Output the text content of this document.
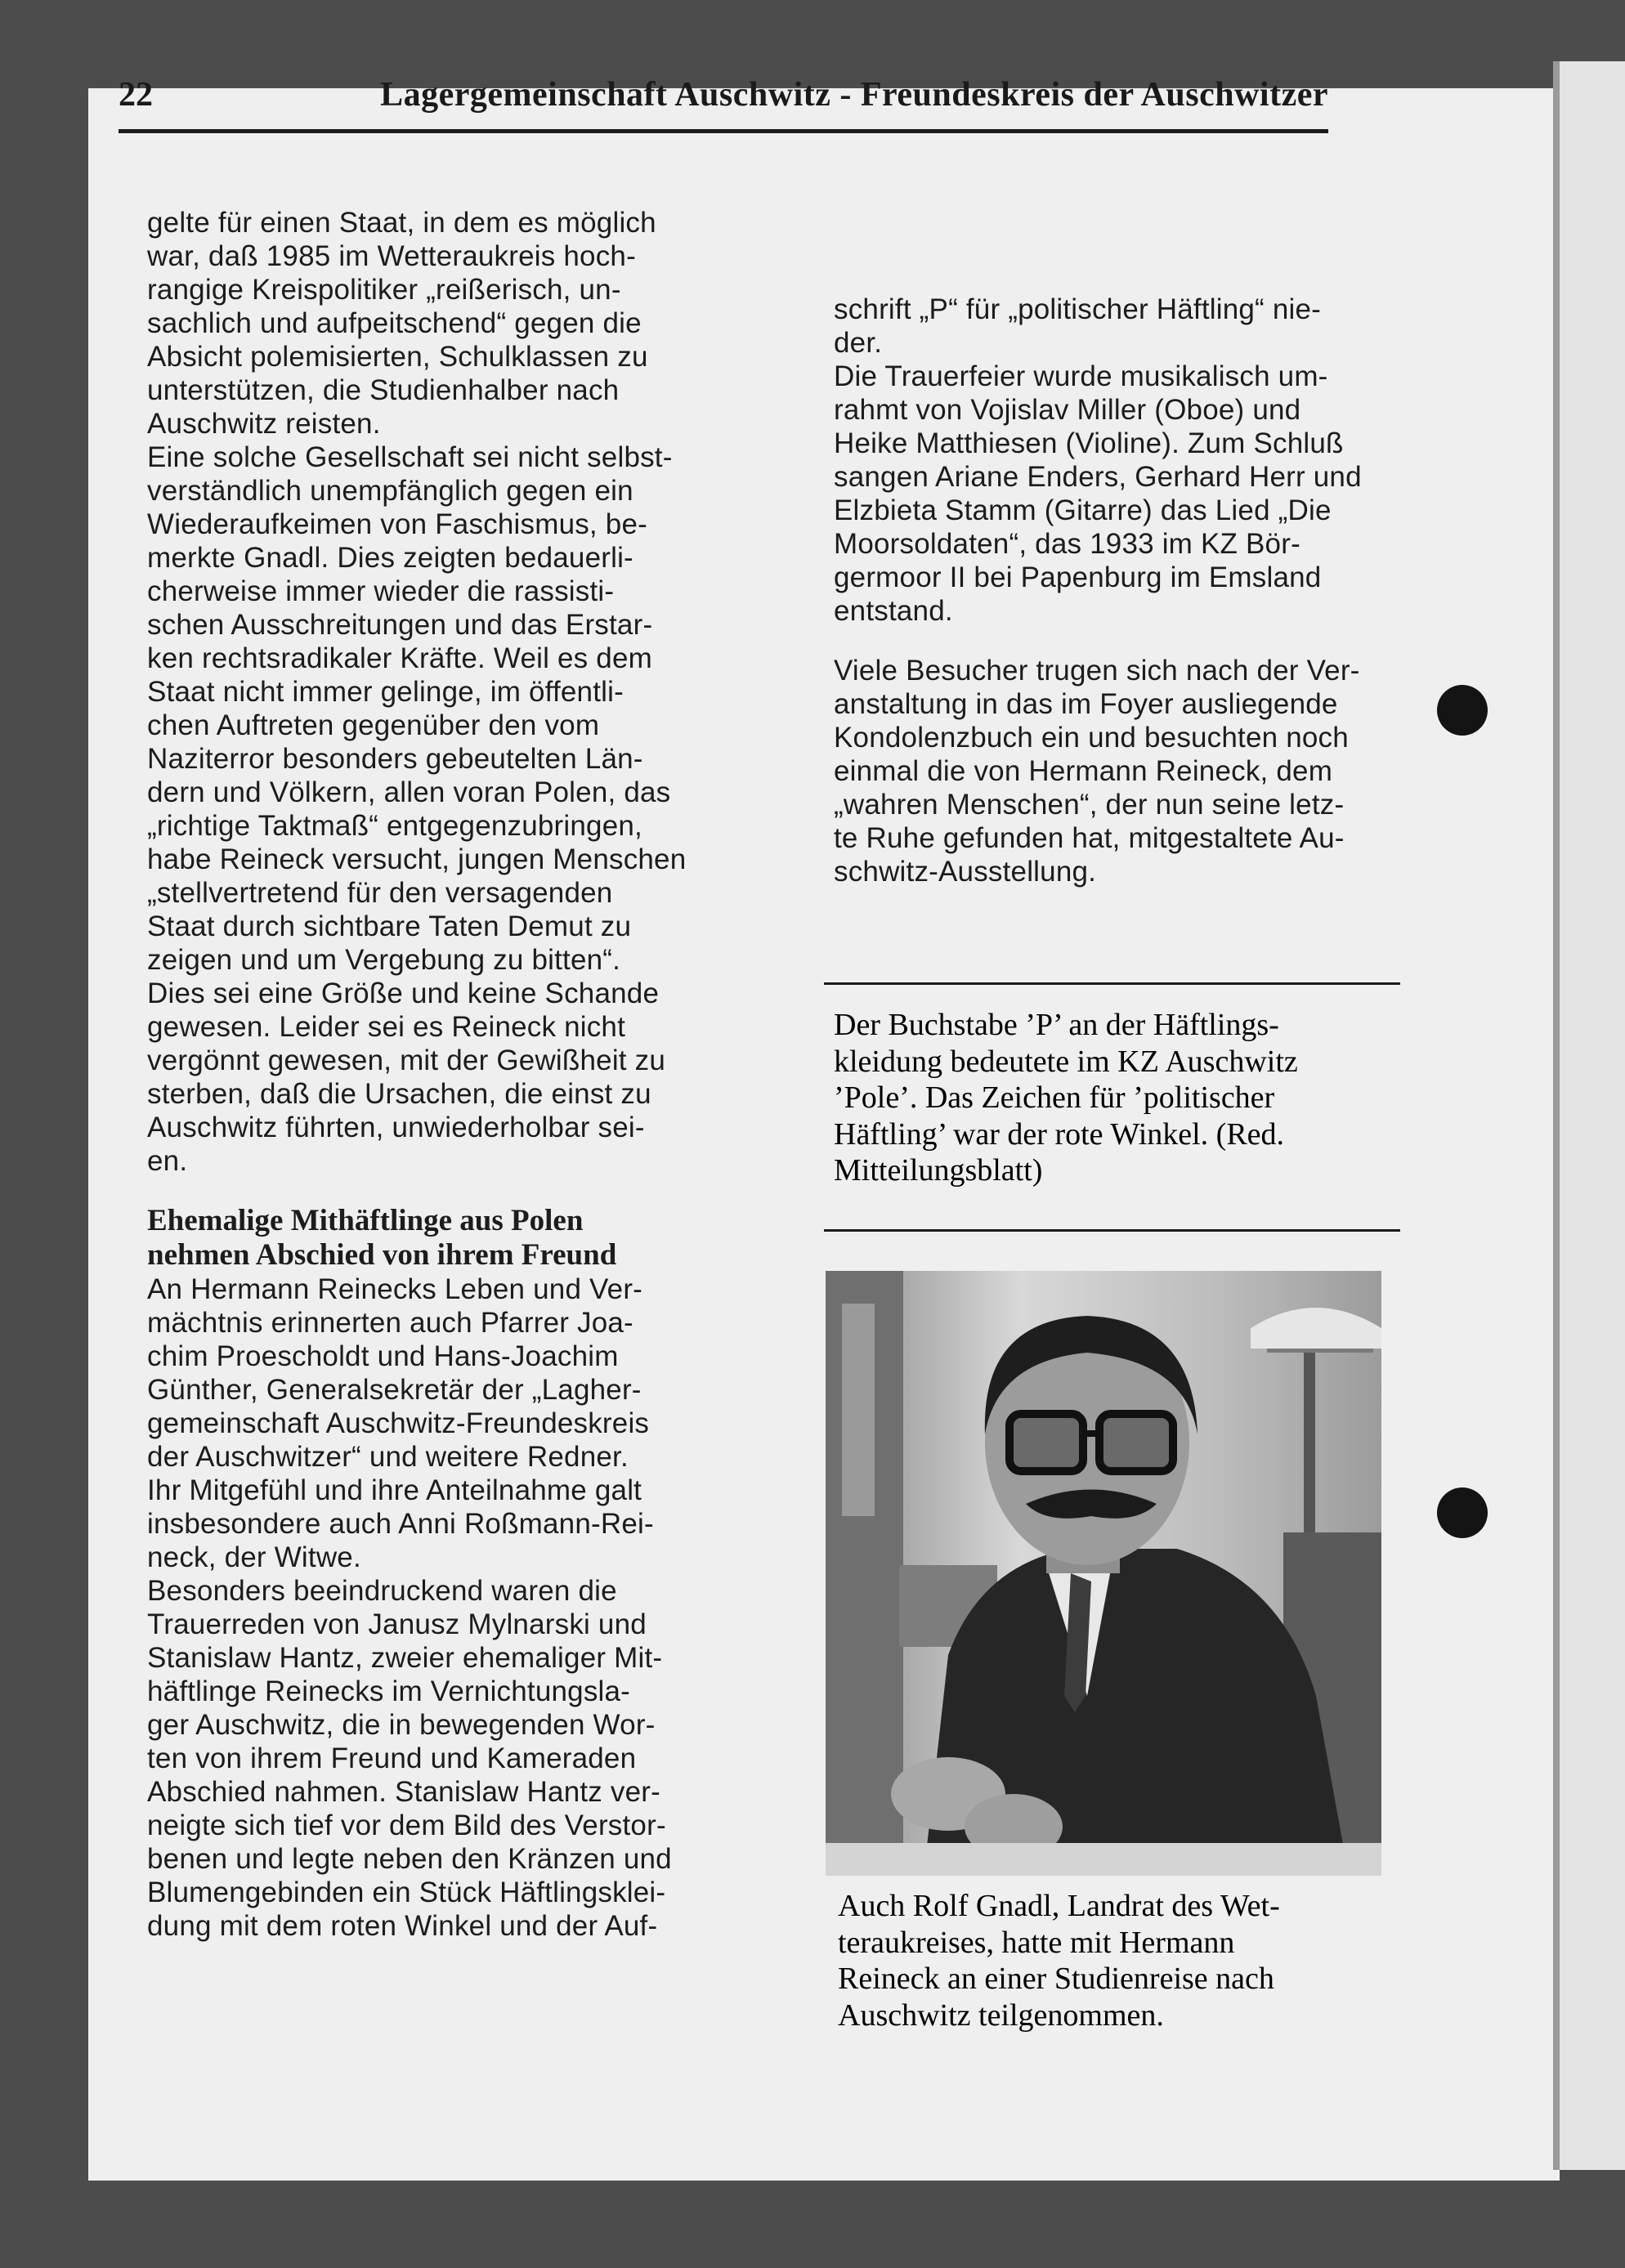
22	Lagergemeinschaft Auschwitz - Freundeskreis der Auschwitzer
gelte für einen Staat, in dem es möglich
war, daß 1985 im Wetteraukreis hoch-
rangige Kreispolitiker „reißerisch, un-
sachlich und aufpeitschend“ gegen die
Absicht polemisierten, Schulklassen zu
unterstützen, die Studienhalber nach
Auschwitz reisten.
Eine solche Gesellschaft sei nicht selbst-
verständlich unempfänglich gegen ein
Wiederaufkeimen von Faschismus, be-
merkte Gnadl. Dies zeigten bedauerli-
cherweise immer wieder die rassisti-
schen Ausschreitungen und das Erstar-
ken rechtsradikaler Kräfte. Weil es dem
Staat nicht immer gelinge, im öffentli-
chen Auftreten gegenüber den vom
Naziterror besonders gebeutelten Län-
dern und Völkern, allen voran Polen, das
„richtige Taktmaß“ entgegenzubringen,
habe Reineck versucht, jungen Menschen
„stellvertretend für den versagenden
Staat durch sichtbare Taten Demut zu
zeigen und um Vergebung zu bitten“.
Dies sei eine Größe und keine Schande
gewesen. Leider sei es Reineck nicht
vergönnt gewesen, mit der Gewißheit zu
sterben, daß die Ursachen, die einst zu
Auschwitz führten, unwiederholbar sei-
en.
Ehemalige Mithäftlinge aus Polen
nehmen Abschied von ihrem Freund
An Hermann Reinecks Leben und Ver-
mächtnis erinnerten auch Pfarrer Joa-
chim Proescholdt und Hans-Joachim
Günther, Generalsekretär der „Lagher-
gemeinschaft Auschwitz-Freundeskreis
der Auschwitzer“ und weitere Redner.
Ihr Mitgefühl und ihre Anteilnahme galt
insbesondere auch Anni Roßmann-Rei-
neck, der Witwe.
Besonders beeindruckend waren die
Trauerreden von Janusz Mylnarski und
Stanislaw Hantz, zweier ehemaliger Mit-
häftlinge Reinecks im Vernichtungsla-
ger Auschwitz, die in bewegenden Wor-
ten von ihrem Freund und Kameraden
Abschied nahmen. Stanislaw Hantz ver-
neigte sich tief vor dem Bild des Verstor-
benen und legte neben den Kränzen und
Blumengebinden ein Stück Häftlingsklei-
dung mit dem roten Winkel und der Auf-
schrift „P“ für „politischer Häftling“ nie-
der.
Die Trauerfeier wurde musikalisch um-
rahmt von Vojislav Miller (Oboe) und
Heike Matthiesen (Violine). Zum Schluß
sangen Ariane Enders, Gerhard Herr und
Elzbieta Stamm (Gitarre) das Lied „Die
Moorsoldaten“, das 1933 im KZ Bör-
germoor II bei Papenburg im Emsland
entstand.
Viele Besucher trugen sich nach der Ver-
anstaltung in das im Foyer ausliegende
Kondolenzbuch ein und besuchten noch
einmal die von Hermann Reineck, dem
„wahren Menschen“, der nun seine letz-
te Ruhe gefunden hat, mitgestaltete Au-
schwitz-Ausstellung.
Der Buchstabe ’P’ an der Häftlings-
kleidung bedeutete im KZ Auschwitz
’Pole’. Das Zeichen für ’politischer
Häftling’ war der rote Winkel. (Red.
Mitteilungsblatt)
Auch Rolf Gnadl, Landrat des Wet-
teraukreises, hatte mit Hermann
Reineck an einer Studienreise nach
Auschwitz teilgenommen.
